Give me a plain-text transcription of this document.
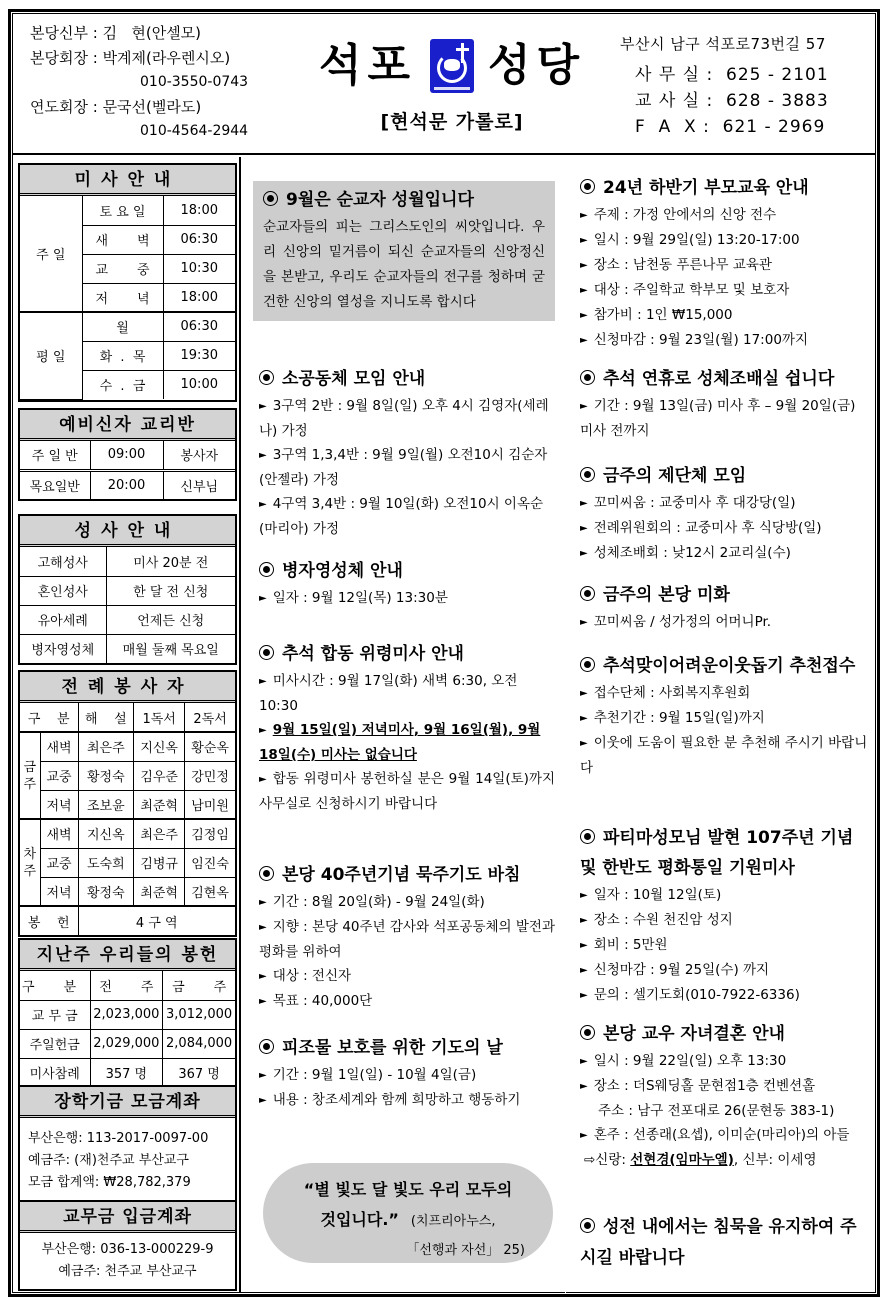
본당신부 : 김   현(안셀모)
본당회장 : 박계제(라우렌시오)
010-3550-0743
연도회장 : 문국선(벨라도)
010-4564-2944
석포 성당
[현석문 가롤로]
부산시 남구 석포로73번길 57
사 무 실 :  625 - 2101
교 사 실 :  628 - 3883
F  A  X :  621 - 2969
미사안내
주 일	토 요 일	18:00
	새       벽	06:30
	교       중	10:30
	저       녁	18:00
평 일	월	06:30
	화  .  목	19:30
	수  .  금	10:00
예비신자 교리반
주 일 반	09:00	봉사자
목요일반	20:00	신부님
성사안내
고해성사	미사 20분 전
혼인성사	한 달 전 신청
유아세례	언제든 신청
병자영성체	매월 둘째 목요일
전례봉사자
구    분		해    설	1독서	2독서
금주	새벽	최은주	지신옥	황순옥
	교중	황정숙	김우준	강민정
	저녁	조보윤	최준혁	남미원
차주	새벽	지신옥	최은주	김정임
	교중	도숙희	김병규	임진숙
	저녁	황정숙	최준혁	김현옥
봉    헌		4 구 역		
지난주 우리들의 봉헌
구       분	전       주	금       주
교 무 금	2,023,000	3,012,000
주일헌금	2,029,000	2,084,000
미사참례	357 명	367 명
장학기금 모금계좌
부산은행: 113-2017-0097-00
예금주: (재)천주교 부산교구
모금 합계액: ₩28,782,379
교무금 입금계좌
부산은행: 036-13-000229-9
예금주: 천주교 부산교구
9월은 순교자 성월입니다
순교자들의 피는 그리스도인의 씨앗입니다. 우리 신앙의 밑거름이 되신 순교자들의 신앙정신을 본받고, 우리도 순교자들의 전구를 청하며 굳건한 신앙의 열성을 지니도록 합시다
소공동체 모임 안내
► 3구역 2반 : 9월 8일(일) 오후 4시 김영자(세레나) 가정
► 3구역 1,3,4반 : 9월 9일(월) 오전10시 김순자(안젤라) 가정
► 4구역 3,4반 : 9월 10일(화) 오전10시 이옥순(마리아) 가정
병자영성체 안내
► 일자 : 9월 12일(목) 13:30분
추석 합동 위령미사 안내
► 미사시간 : 9월 17일(화) 새벽 6:30, 오전 10:30
► 9월 15일(일) 저녁미사, 9월 16일(월), 9월 18일(수) 미사는 없습니다
► 합동 위령미사 봉헌하실 분은 9월 14일(토)까지 사무실로 신청하시기 바랍니다
본당 40주년기념 묵주기도 바침
► 기간 : 8월 20일(화) - 9월 24일(화)
► 지향 : 본당 40주년 감사와 석포공동체의 발전과 평화를 위하여
► 대상 : 전신자
► 목표 : 40,000단
피조물 보호를 위한 기도의 날
► 기간 : 9월 1일(일) - 10월 4일(금)
► 내용 : 창조세계와 함께 희망하고 행동하기
“별 빛도 달 빛도 우리 모두의
것입니다.” (치프리아누스,
「선행과 자선」 25)
24년 하반기 부모교육 안내
► 주제 : 가정 안에서의 신앙 전수
► 일시 : 9월 29일(일) 13:20-17:00
► 장소 : 남천동 푸른나무 교육관
► 대상 : 주일학교 학부모 및 보호자
► 참가비 : 1인 ₩15,000
► 신청마감 : 9월 23일(월) 17:00까지
추석 연휴로 성체조배실 쉽니다
► 기간 : 9월 13일(금) 미사 후 – 9월 20일(금) 미사 전까지
금주의 제단체 모임
► 꼬미씨움 : 교중미사 후 대강당(일)
► 전례위원회의 : 교중미사 후 식당방(일)
► 성체조배회 : 낮12시 2교리실(수)
금주의 본당 미화
► 꼬미씨움 / 성가정의 어머니Pr.
추석맞이어려운이웃돕기 추천접수
► 접수단체 : 사회복지후원회
► 추천기간 : 9월 15일(일)까지
► 이웃에 도움이 필요한 분 추천해 주시기 바랍니다
파티마성모님 발현 107주년 기념 및 한반도 평화통일 기원미사
► 일자 : 10월 12일(토)
► 장소 : 수원 천진암 성지
► 회비 : 5만원
► 신청마감 : 9월 25일(수) 까지
► 문의 : 셀기도회(010-7922-6336)
본당 교우 자녀결혼 안내
► 일시 : 9월 22일(일) 오후 13:30
► 장소 : 더S웨딩홀 문현점1층 컨벤션홀
주소 : 남구 전포대로 26(문현동 383-1)
► 혼주 : 선종래(요셉), 이미순(마리아)의 아들
⇨신랑: 선현경(임마누엘), 신부: 이세영
성전 내에서는 침묵을 유지하여 주시길 바랍니다
